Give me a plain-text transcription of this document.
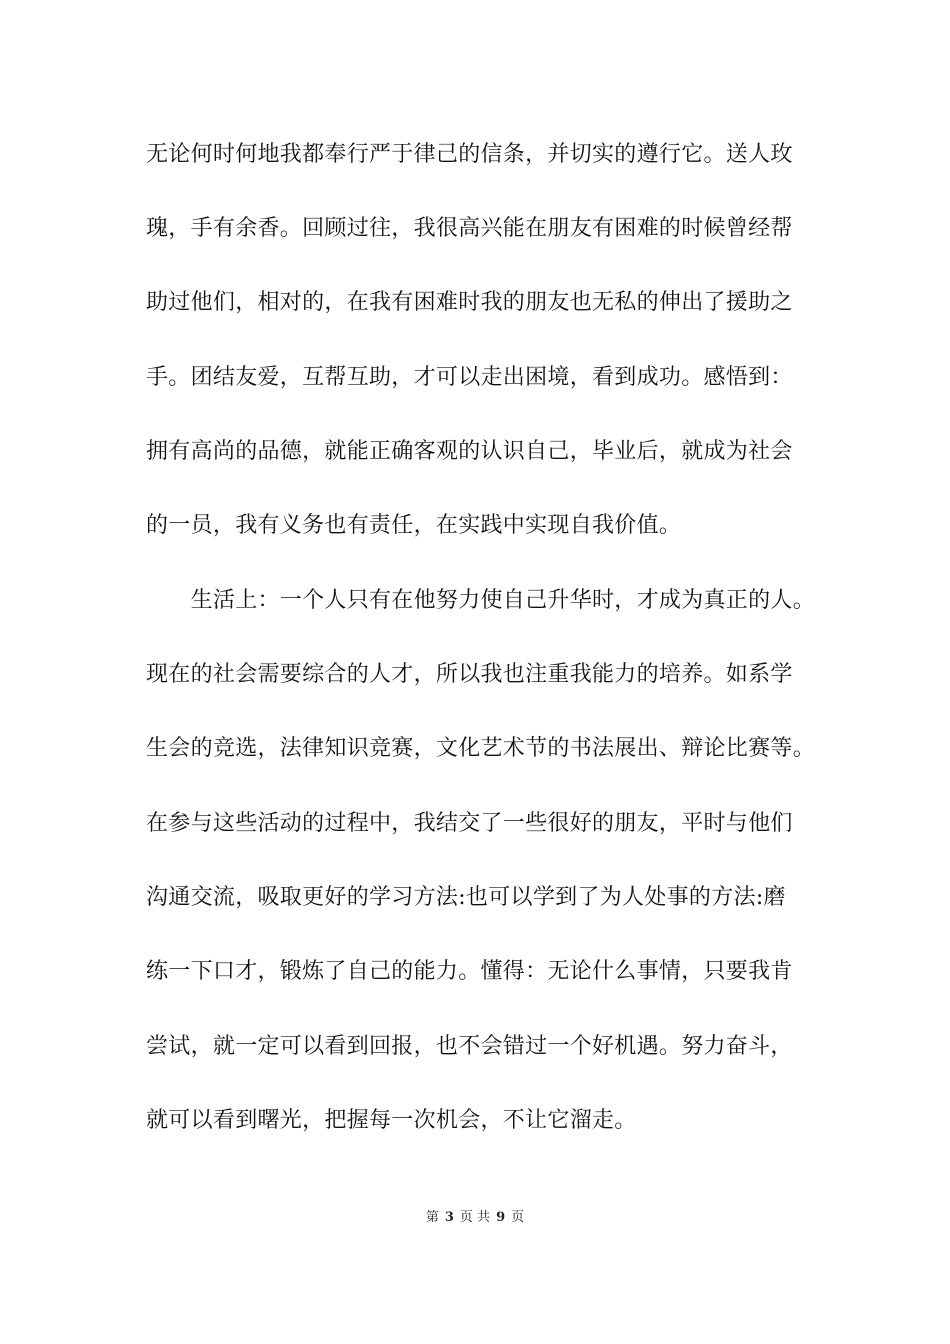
无论何时何地我都奉行严于律己的信条，并切实的遵行它。送人玫
瑰，手有余香。回顾过往，我很高兴能在朋友有困难的时候曾经帮
助过他们，相对的，在我有困难时我的朋友也无私的伸出了援助之
手。团结友爱，互帮互助，才可以走出困境，看到成功。感悟到：
拥有高尚的品德，就能正确客观的认识自己，毕业后，就成为社会
的一员，我有义务也有责任，在实践中实现自我价值。
　　生活上：一个人只有在他努力使自己升华时，才成为真正的人。
现在的社会需要综合的人才，所以我也注重我能力的培养。如系学
生会的竞选，法律知识竞赛，文化艺术节的书法展出、辩论比赛等。
在参与这些活动的过程中，我结交了一些很好的朋友，平时与他们
沟通交流，吸取更好的学习方法:也可以学到了为人处事的方法:磨
练一下口才，锻炼了自己的能力。懂得：无论什么事情，只要我肯
尝试，就一定可以看到回报，也不会错过一个好机遇。努力奋斗，
就可以看到曙光，把握每一次机会，不让它溜走。
第 3 页 共 9 页
